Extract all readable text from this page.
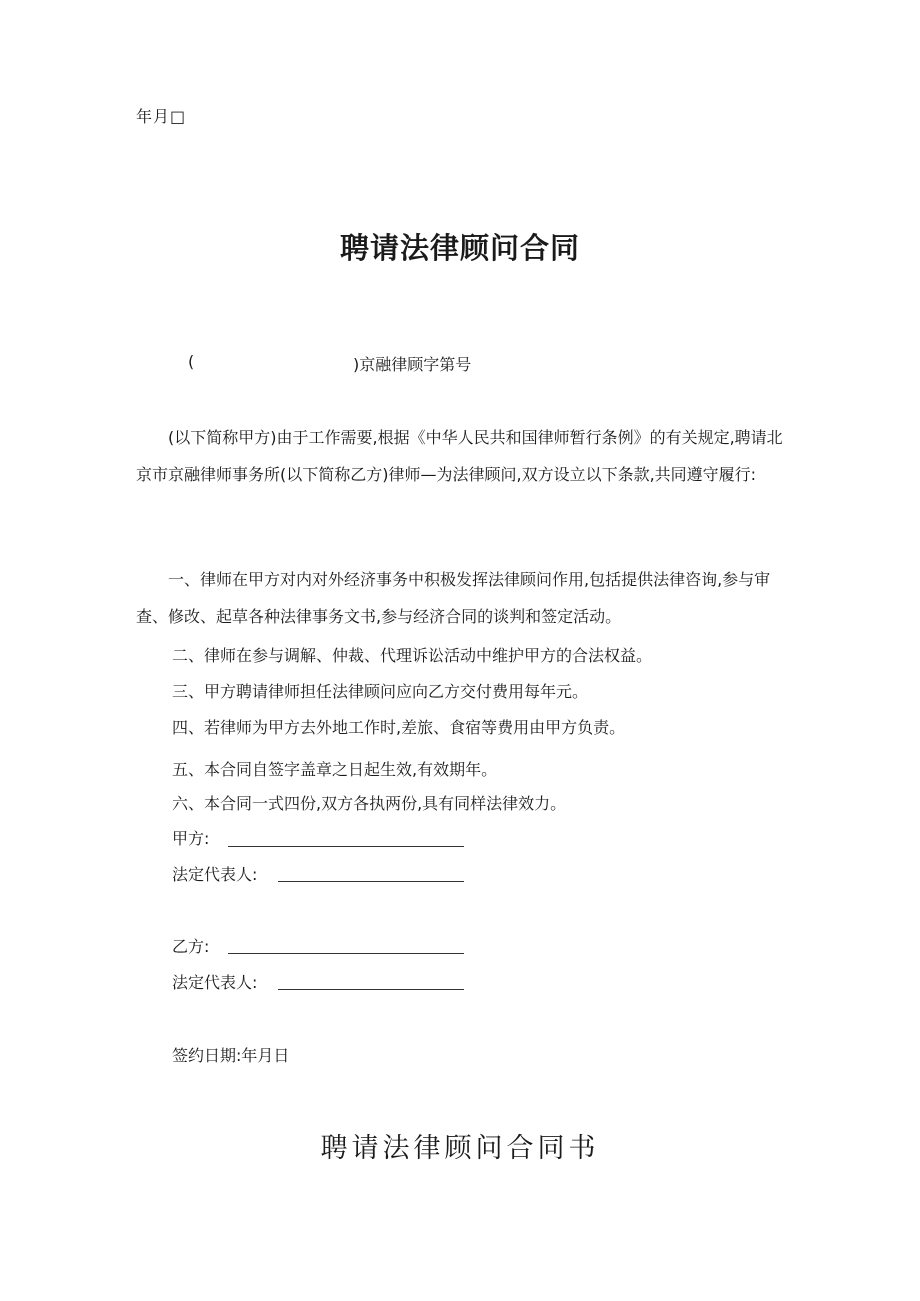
年月□
聘请法律顾问合同
(	)京融律顾字第号
(以下简称甲方)由于工作需要,根据《中华人民共和国律师暂行条例》的有关规定,聘请北京市京融律师事务所(以下简称乙方)律师—为法律顾问,双方设立以下条款,共同遵守履行:
一、律师在甲方对内对外经济事务中积极发挥法律顾问作用,包括提供法律咨询,参与审查、修改、起草各种法律事务文书,参与经济合同的谈判和签定活动。
二、律师在参与调解、仲裁、代理诉讼活动中维护甲方的合法权益。
三、甲方聘请律师担任法律顾问应向乙方交付费用每年元。
四、若律师为甲方去外地工作时,差旅、食宿等费用由甲方负责。
五、本合同自签字盖章之日起生效,有效期年。
六、本合同一式四份,双方各执两份,具有同样法律效力。
甲方:
法定代表人:
乙方:
法定代表人:
签约日期:年月日
聘请法律顾问合同书
